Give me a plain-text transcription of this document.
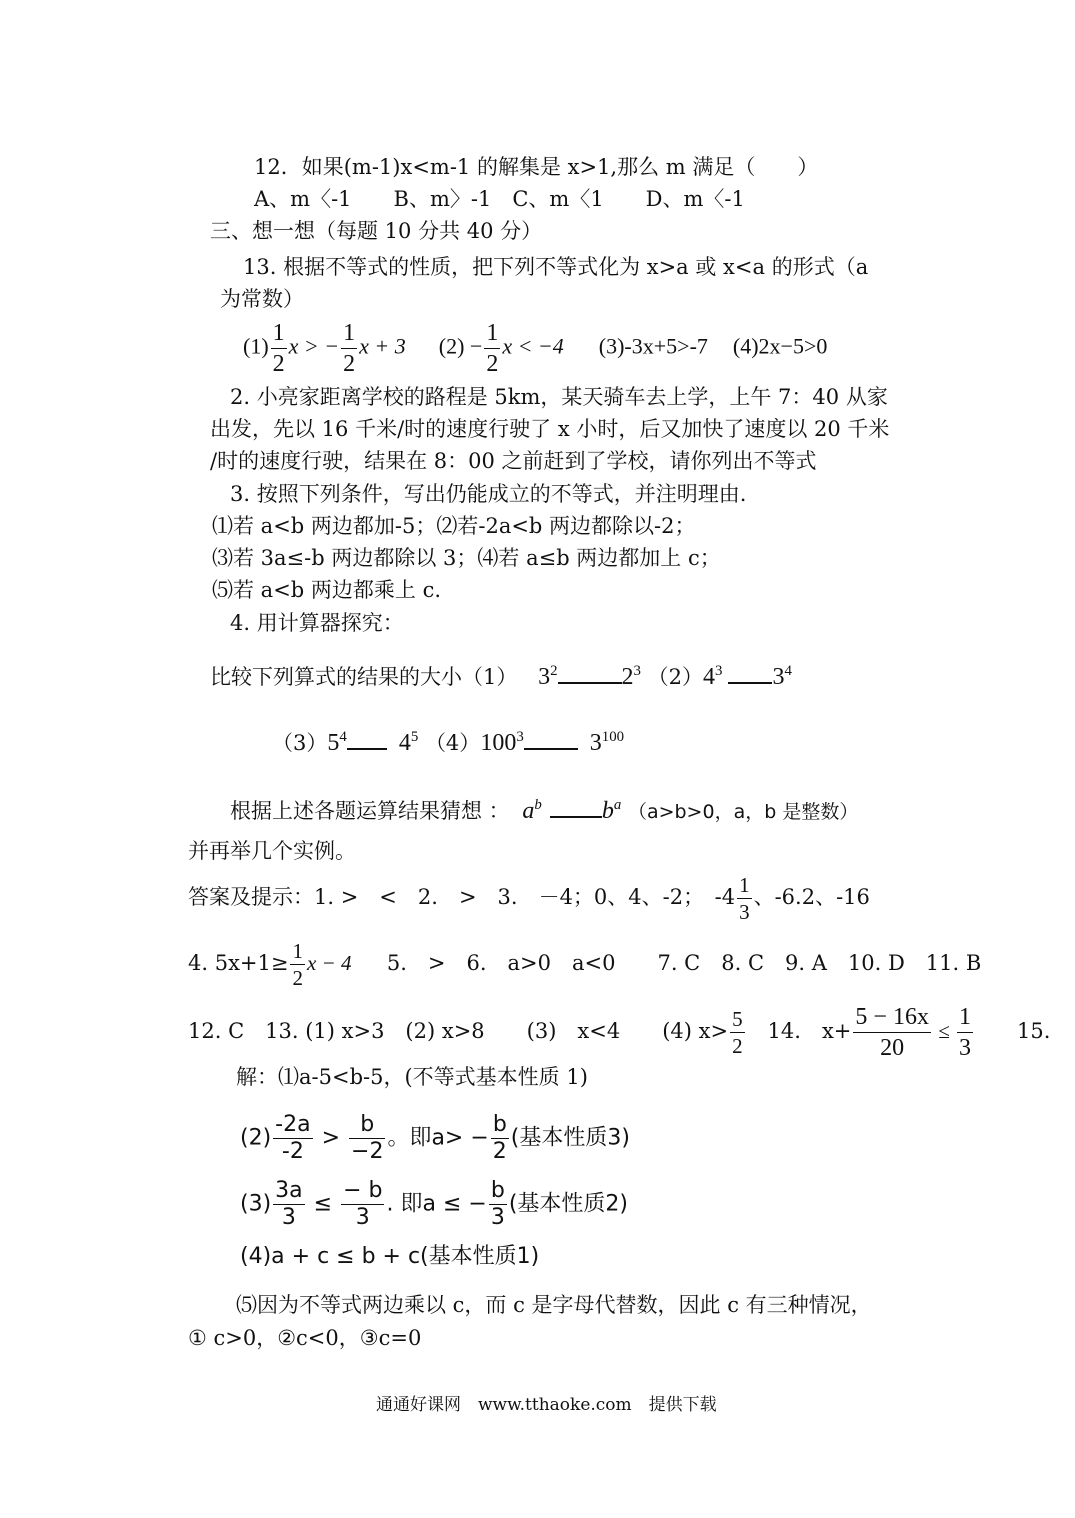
12．如果(m-1)x<m-1 的解集是 x>1,那么 m 满足（　　）
A、m〈-1　　B、m〉-1　C、m〈1　　D、m〈-1
三、想一想（每题 10 分共 40 分）
13. 根据不等式的性质，把下列不等式化为 x>a 或 x<a 的形式（a
为常数）
$(1) \frac{1}{2}$ x > − $\frac{1}{2}$ x + 3 $(2) - \frac{1}{2}$ x < −4 (3)-3x+5>-7 (4)2x−5>0
2. 小亮家距离学校的路程是 5km，某天骑车去上学，上午 7：40 从家
出发，先以 16 千米/时的速度行驶了 x 小时，后又加快了速度以 20 千米
/时的速度行驶，结果在 8：00 之前赶到了学校，请你列出不等式
3. 按照下列条件，写出仍能成立的不等式，并注明理由.
⑴若 a<b 两边都加-5；⑵若-2a<b 两边都除以-2；
⑶若 3a≤-b 两边都除以 3；⑷若 a≤b 两边都加上 c；
⑸若 a<b 两边都乘上 c.
4. 用计算器探究：
比较下列算式的结果的大小（1） $3^2$	$2^3$ $(2)4^3$ $3^4$
$(3)5^4$ $4^5$ $(4)100^3$	$3^{100}$
根据上述各题运算结果猜想 ： $a^b$	$b^a$ （a>b>0，a，b 是整数）
并再举几个实例。
答案及提示：1. >　<　2.　>　3.　－4；0、4、-2；　$-4 \frac{1}{3}$ 、-6.2、-16
4. $5x+1\ge \frac{1}{2}$ x − 4 5.　>　6.　a>0　a<0　　7. C　8. C　9. A　10. D　11. B
12. C　13. (1) x>3　(2) x>8　　(3)　x<4　　(4) $x> \frac{5}{2}$ 　14.　$x+ \frac{5 - 16x}{20} \le \frac{1}{3}$ 　　15.
解：⑴a-5<b-5，(不等式基本性质 1)
$(2) \frac{-2a}{-2} > \frac{b}{-2}$ 。即$a> - \frac{b}{2}$ (基本性质3)
$(3) \frac{3a}{3} \le \frac{- b}{3}$ . 即a ≤ − $\frac{b}{3}$ (基本性质2)
(4)a + c ≤ b + c(基本性质1)
⑸因为不等式两边乘以 c，而 c 是字母代替数，因此 c 有三种情况，
① c>0，②c<0，③c=0
通通好课网　www.tthaoke.com　提供下载
